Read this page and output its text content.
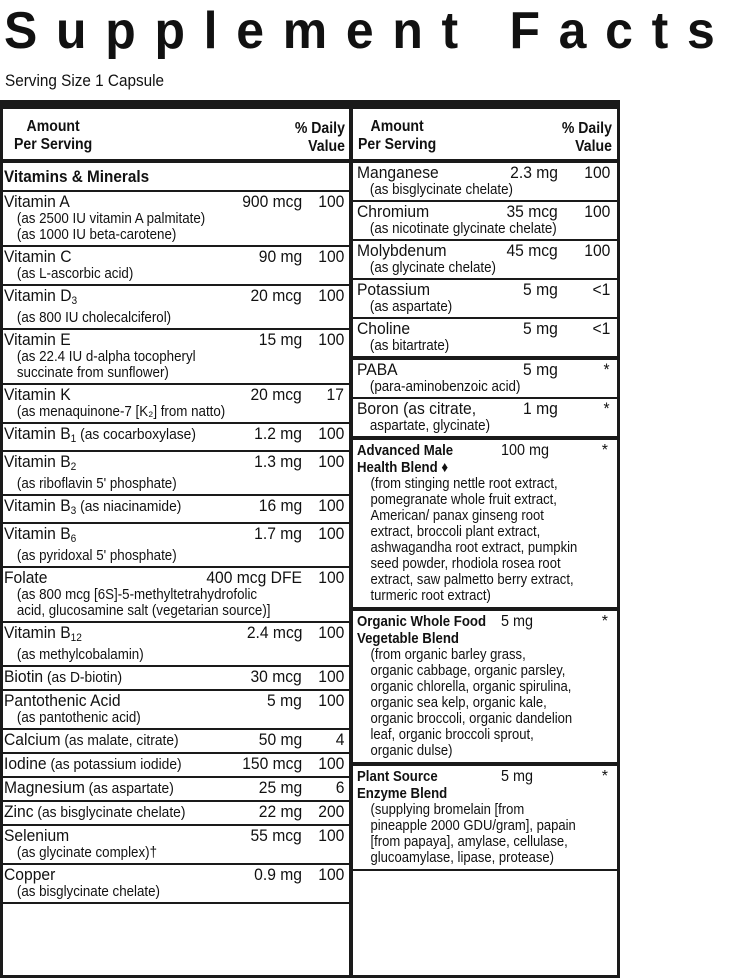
Supplement Facts
Serving Size 1 Capsule
Amount
Per Serving
% Daily
Value
Vitamins & Minerals
Vitamin A	900 mcg 100
(as 2500 IU vitamin A palmitate)
(as 1000 IU beta-carotene)
Vitamin C	90 mg 100
(as L-ascorbic acid)
Vitamin $D_3$	20 mcg 100
(as 800 IU cholecalciferol)
Vitamin E	15 mg 100
(as 22.4 IU d-alpha tocopheryl
succinate from sunflower)
Vitamin K	20 mcg 17
(as menaquinone-7 [K₂] from natto)
Vitamin $B_1$ (as cocarboxylase)	1.2 mg 100
Vitamin $B_2$	1.3 mg 100
(as riboflavin 5' phosphate)
Vitamin $B_3$ (as niacinamide)	16 mg 100
Vitamin $B_6$	1.7 mg 100
(as pyridoxal 5' phosphate)
Folate	400 mcg DFE 100
(as 800 mcg [6S]-5-methyltetrahydrofolic
acid, glucosamine salt (vegetarian source)]
Vitamin $B_{12}$	2.4 mcg 100
(as methylcobalamin)
Biotin (as D-biotin)	30 mcg 100
Pantothenic Acid	5 mg 100
(as pantothenic acid)
Calcium (as malate, citrate)	50 mg 4
Iodine (as potassium iodide)	150 mcg 100
Magnesium (as aspartate)	25 mg 6
Zinc (as bisglycinate chelate)	22 mg 200
Selenium	55 mcg 100
(as glycinate complex)†
Copper	0.9 mg 100
(as bisglycinate chelate)
Amount
Per Serving
% Daily
Value
Manganese	2.3 mg 100
(as bisglycinate chelate)
Chromium	35 mcg 100
(as nicotinate glycinate chelate)
Molybdenum	45 mcg 100
(as glycinate chelate)
Potassium	5 mg <1
(as aspartate)
Choline	5 mg <1
(as bitartrate)
PABA	5 mg	*
(para-aminobenzoic acid)
Boron (as citrate,	1 mg	*
aspartate, glycinate)
Advanced Male
Health Blend ♦
100 mg	*
(from stinging nettle root extract,
pomegranate whole fruit extract,
American/ panax ginseng root
extract, broccoli plant extract,
ashwagandha root extract, pumpkin
seed powder, rhodiola rosea root
extract, saw palmetto berry extract,
turmeric root extract)
Organic Whole Food
Vegetable Blend
5 mg	*
(from organic barley grass,
organic cabbage, organic parsley,
organic chlorella, organic spirulina,
organic sea kelp, organic kale,
organic broccoli, organic dandelion
leaf, organic broccoli sprout,
organic dulse)
Plant Source
Enzyme Blend
5 mg	*
(supplying bromelain [from
pineapple 2000 GDU/gram], papain
[from papaya], amylase, cellulase,
glucoamylase, lipase, protease)
